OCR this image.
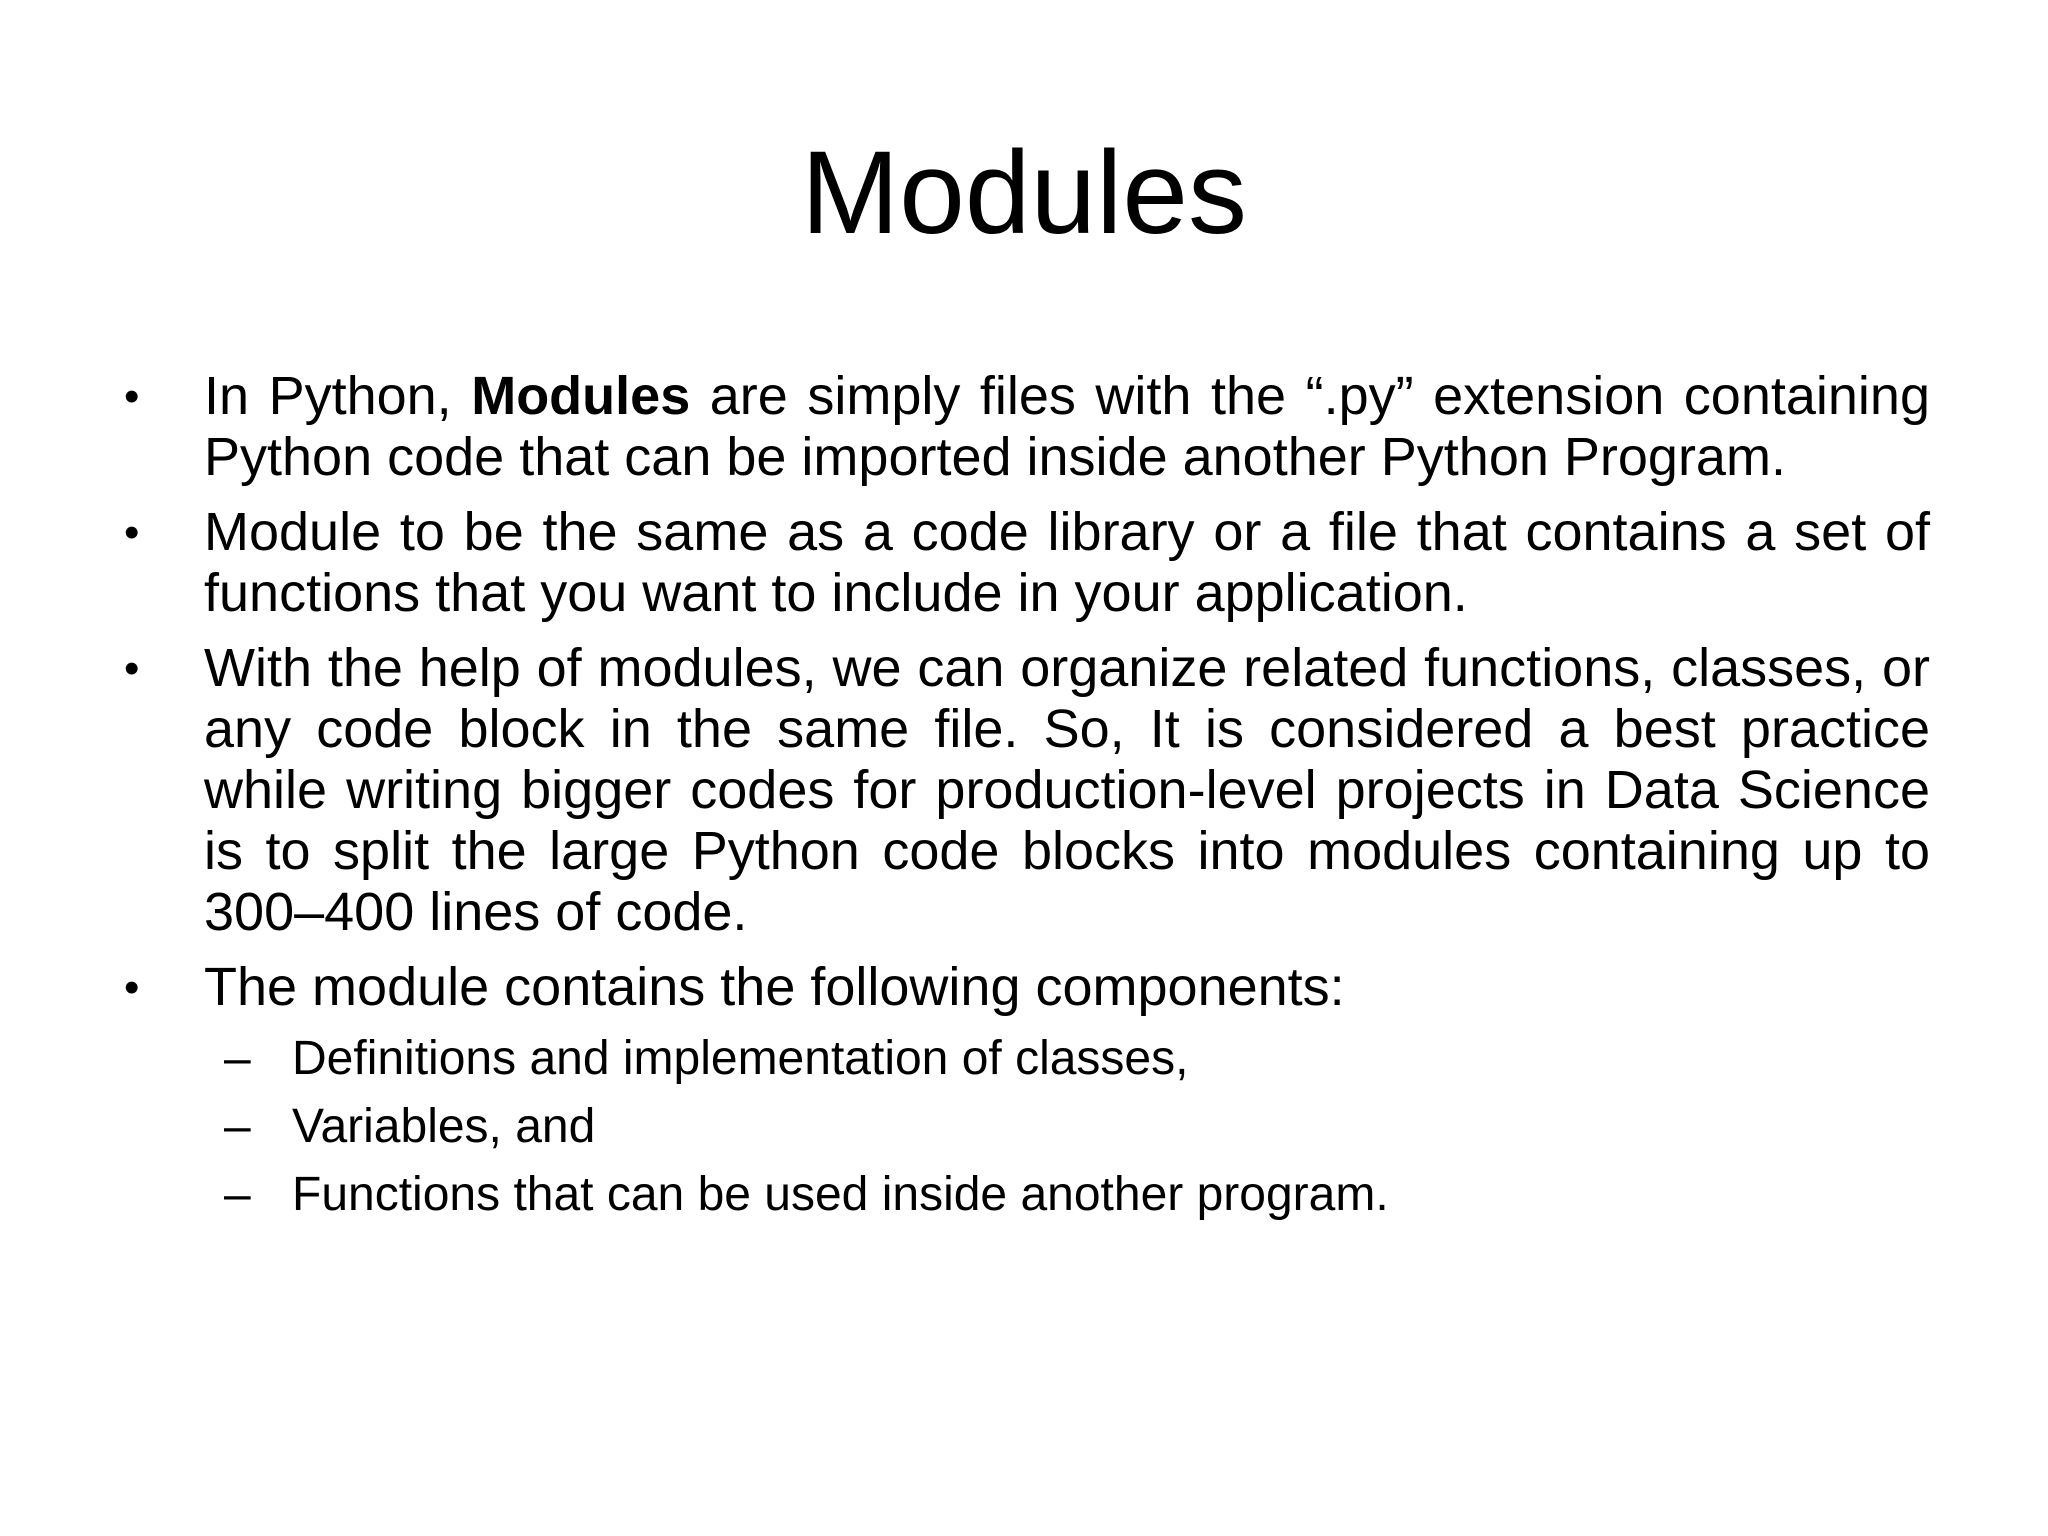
Modules
• In Python, Modules are simply files with the “.py” extension containing Python code that can be imported inside another Python Program.
• Module to be the same as a code library or a file that contains a set of functions that you want to include in your application.
• With the help of modules, we can organize related functions, classes, or any code block in the same file. So, It is considered a best practice while writing bigger codes for production-level projects in Data Science is to split the large Python code blocks into modules containing up to 300–400 lines of code.
• The module contains the following components:
– Definitions and implementation of classes,
– Variables, and
– Functions that can be used inside another program.
